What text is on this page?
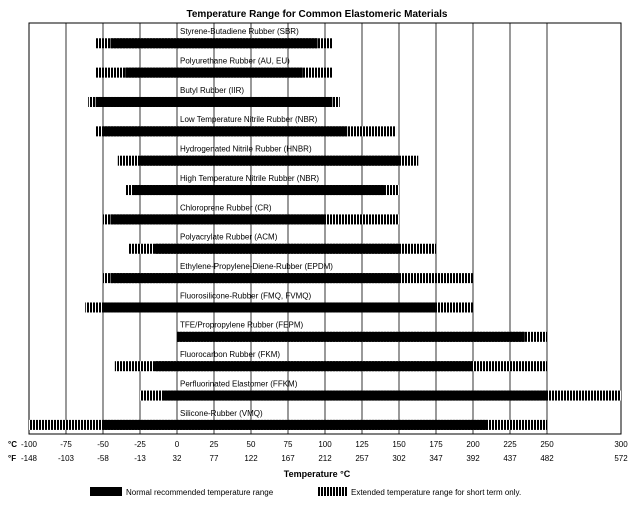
Temperature Range for Common Elastomeric Materials
Styrene-Butadiene Rubber (SBR)
Polyurethane Rubber (AU, EU)
Butyl Rubber (IIR)
Low Temperature Nitrile Rubber (NBR)
Hydrogenated Nitrile Rubber (HNBR)
High Temperature Nitrile Rubber (NBR)
Chloroprene Rubber (CR)
Polyacrylate Rubber (ACM)
Ethylene-Propylene-Diene-Rubber (EPDM)
Fluorosilicone-Rubber (FMQ, FVMQ)
TFE/Propropylene Rubber (FEPM)
Fluorocarbon Rubber (FKM)
Perfluorinated Elastomer (FFKM)
Silicone-Rubber (VMQ)
°C
°F
-100
-148
-75
-103
-50
-58
-25
-13
0
32
25
77
50
122
75
167
100
212
125
257
150
302
175
347
200
392
225
437
250
482
300
572
Temperature °C
Normal recommended temperature range	Extended temperature range for short term only.
